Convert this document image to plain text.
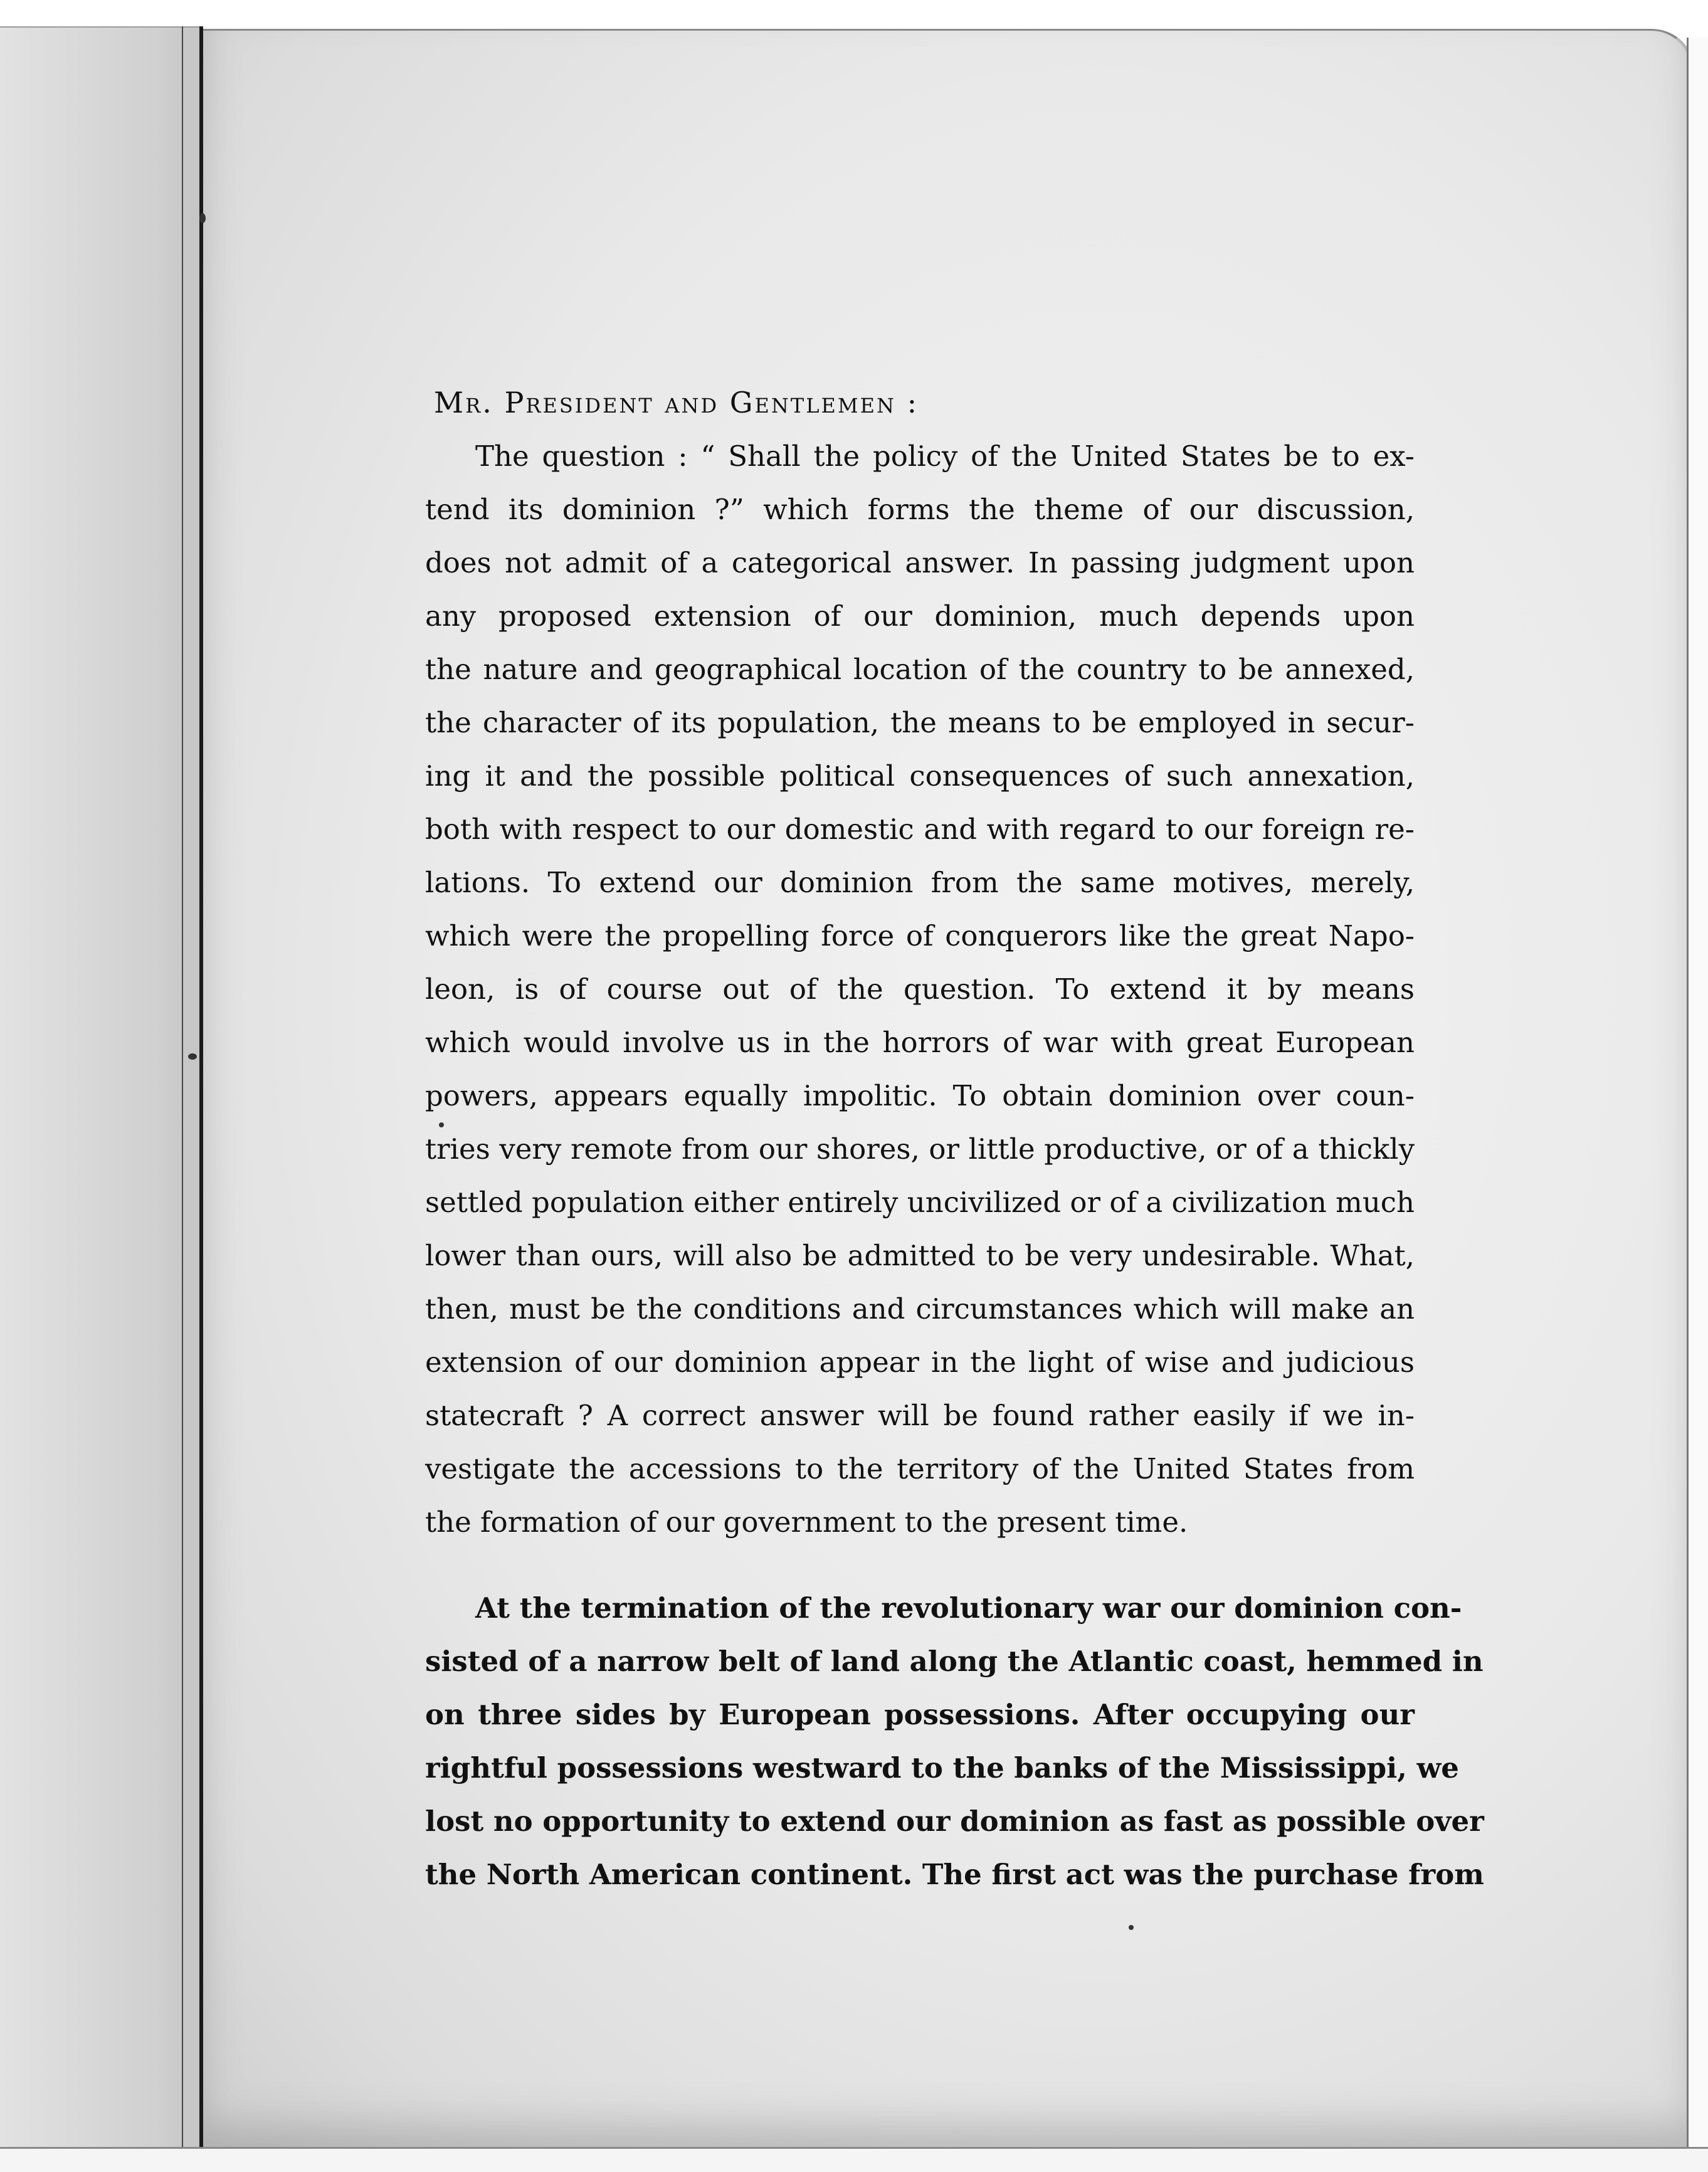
Mr. President and Gentlemen :
The question : “ Shall the policy of the United States be to ex-
tend its dominion ?” which forms the theme of our discussion,
does not admit of a categorical answer. In passing judgment upon
any proposed extension of our dominion, much depends upon
the nature and geographical location of the country to be annexed,
the character of its population, the means to be employed in secur-
ing it and the possible political consequences of such annexation,
both with respect to our domestic and with regard to our foreign re-
lations. To extend our dominion from the same motives, merely,
which were the propelling force of conquerors like the great Napo-
leon, is of course out of the question. To extend it by means
which would involve us in the horrors of war with great European
powers, appears equally impolitic. To obtain dominion over coun-
tries very remote from our shores, or little productive, or of a thickly
settled population either entirely uncivilized or of a civilization much
lower than ours, will also be admitted to be very undesirable. What,
then, must be the conditions and circumstances which will make an
extension of our dominion appear in the light of wise and judicious
statecraft ? A correct answer will be found rather easily if we in-
vestigate the accessions to the territory of the United States from
the formation of our government to the present time.
At the termination of the revolutionary war our dominion con-
sisted of a narrow belt of land along the Atlantic coast, hemmed in
on three sides by European possessions. After occupying our
rightful possessions westward to the banks of the Mississippi, we
lost no opportunity to extend our dominion as fast as possible over
the North American continent. The first act was the purchase from
